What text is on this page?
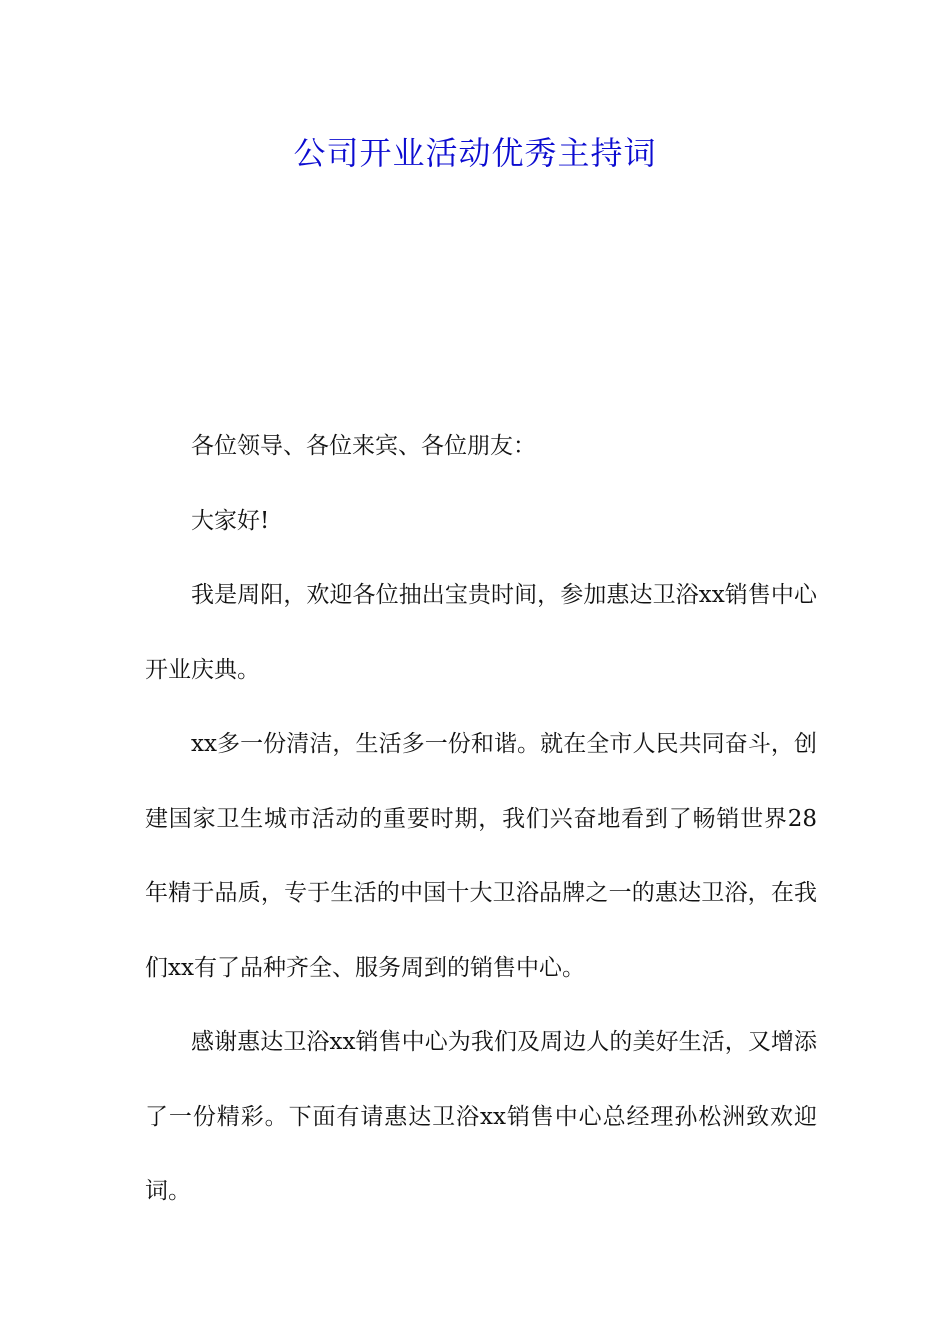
公司开业活动优秀主持词

各位领导、各位来宾、各位朋友：

大家好!

我是周阳，欢迎各位抽出宝贵时间，参加惠达卫浴xx销售中心开业庆典。

xx多一份清洁，生活多一份和谐。就在全市人民共同奋斗，创建国家卫生城市活动的重要时期，我们兴奋地看到了畅销世界28年精于品质，专于生活的中国十大卫浴品牌之一的惠达卫浴，在我们xx有了品种齐全、服务周到的销售中心。

感谢惠达卫浴xx销售中心为我们及周边人的美好生活，又增添了一份精彩。下面有请惠达卫浴xx销售中心总经理孙松洲致欢迎词。
